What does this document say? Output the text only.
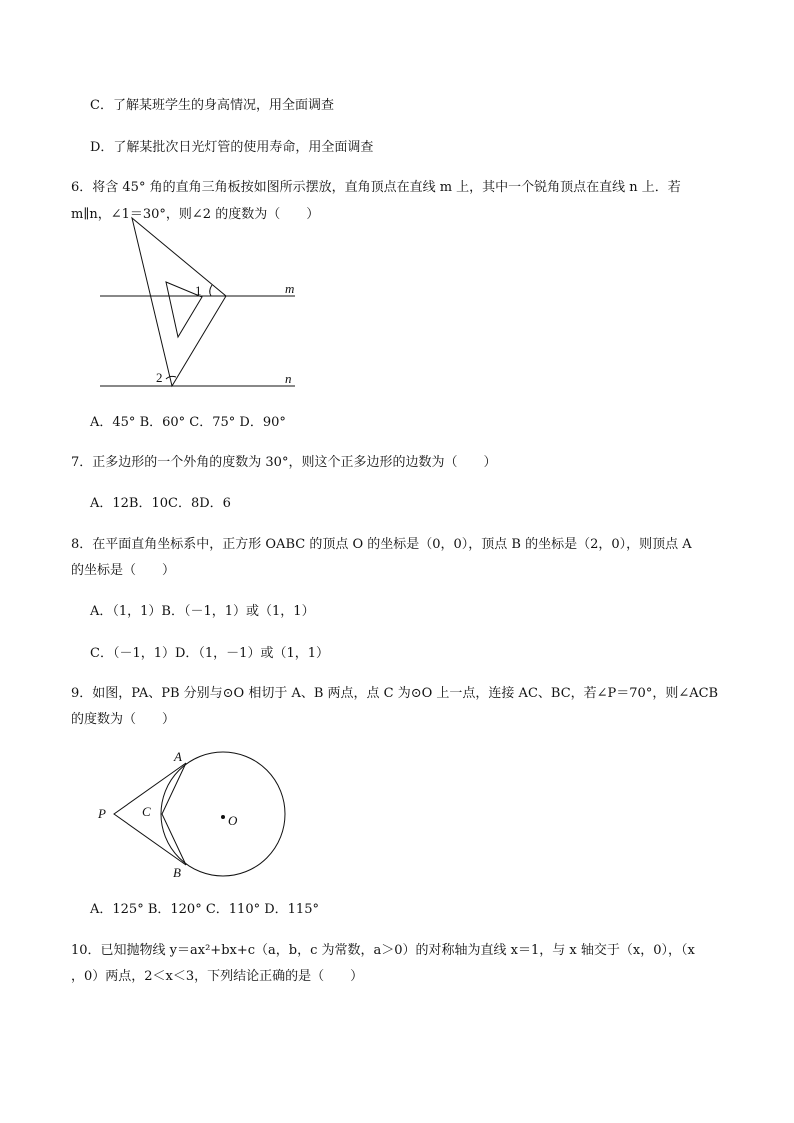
C．了解某班学生的身高情况，用全面调查
D．了解某批次日光灯管的使用寿命，用全面调查
6．将含 45° 角的直角三角板按如图所示摆放，直角顶点在直线 m 上，其中一个锐角顶点在直线 n 上．若
m∥n，∠1＝30°，则∠2 的度数为（　　）
1
2
m
n
A．45° B．60° C．75° D．90°
7．正多边形的一个外角的度数为 30°，则这个正多边形的边数为（　　）
A．12B．10C．8D．6
8．在平面直角坐标系中，正方形 OABC 的顶点 O 的坐标是（0，0），顶点 B 的坐标是（2，0），则顶点 A
的坐标是（　　）
A．（1，1）B．（－1，1）或（1，1）
C．（－1，1）D．（1，－1）或（1，1）
9．如图，PA、PB 分别与⊙O 相切于 A、B 两点，点 C 为⊙O 上一点，连接 AC、BC，若∠P＝70°，则∠ACB
的度数为（　　）
A
B
C
P	O
A．125° B．120° C．110° D．115°
10．已知抛物线 y＝ax²+bx+c（a，b，c 为常数，a＞0）的对称轴为直线 x＝1，与 x 轴交于（x，0），（x
，0）两点，2＜x＜3，下列结论正确的是（　　）
